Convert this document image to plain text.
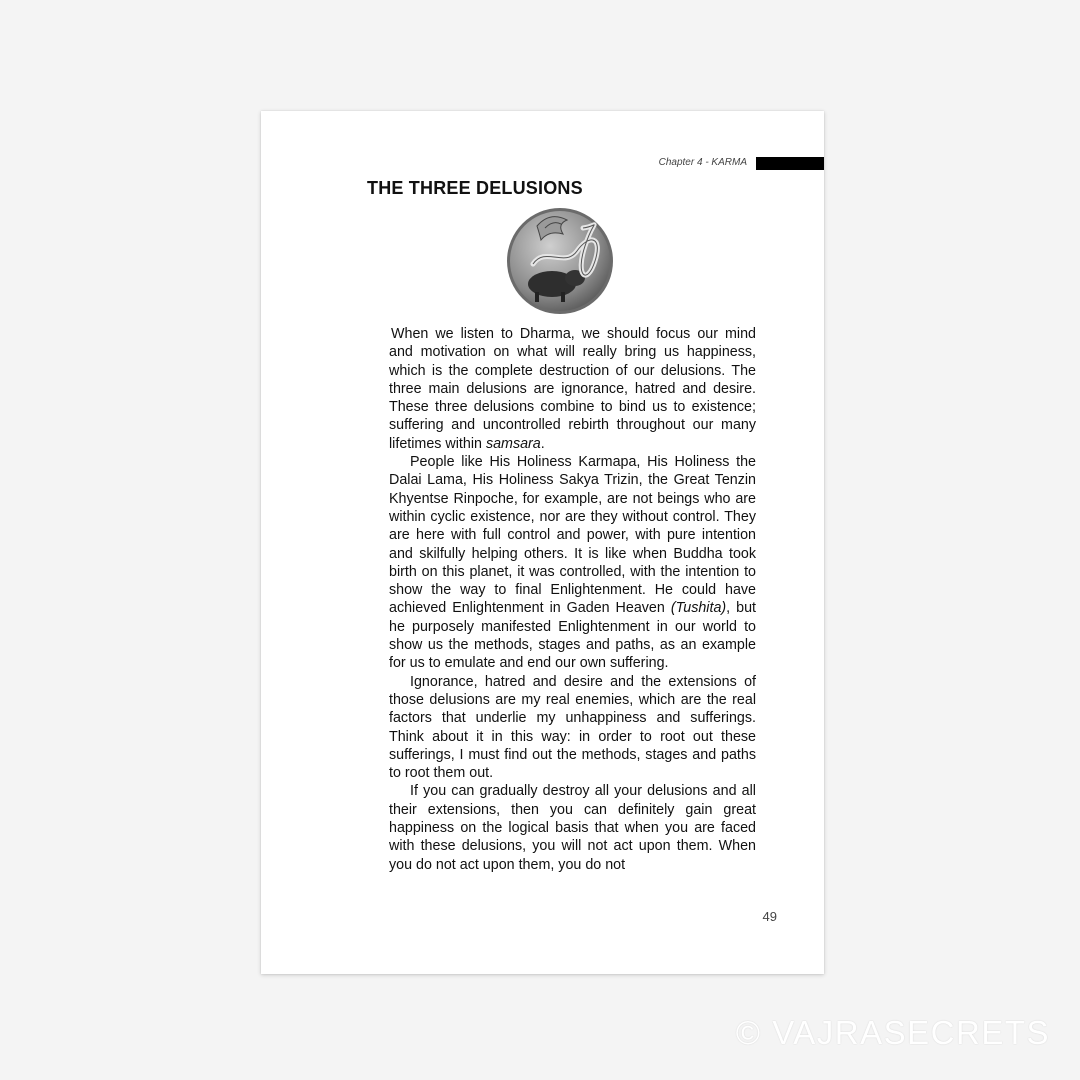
Chapter 4 - KARMA
THE THREE DELUSIONS

When we listen to Dharma, we should focus our mind and motivation on what will really bring us happiness, which is the complete destruction of our delusions. The three main delusions are ignorance, hatred and desire. These three delusions combine to bind us to existence; suffering and uncontrolled rebirth throughout our many lifetimes within samsara.

People like His Holiness Karmapa, His Holiness the Dalai Lama, His Holiness Sakya Trizin, the Great Tenzin Khyentse Rinpoche, for example, are not beings who are within cyclic existence, nor are they without control. They are here with full control and power, with pure intention and skilfully helping others. It is like when Buddha took birth on this planet, it was controlled, with the intention to show the way to final Enlightenment. He could have achieved Enlightenment in Gaden Heaven (Tushita), but he purposely manifested Enlightenment in our world to show us the methods, stages and paths, as an example for us to emulate and end our own suffering.

Ignorance, hatred and desire and the extensions of those delusions are my real enemies, which are the real factors that underlie my unhappiness and sufferings. Think about it in this way: in order to root out these sufferings, I must find out the methods, stages and paths to root them out.

If you can gradually destroy all your delusions and all their extensions, then you can definitely gain great happiness on the logical basis that when you are faced with these delusions, you will not act upon them. When you do not act upon them, you do not

49
© VAJRASECRETS
